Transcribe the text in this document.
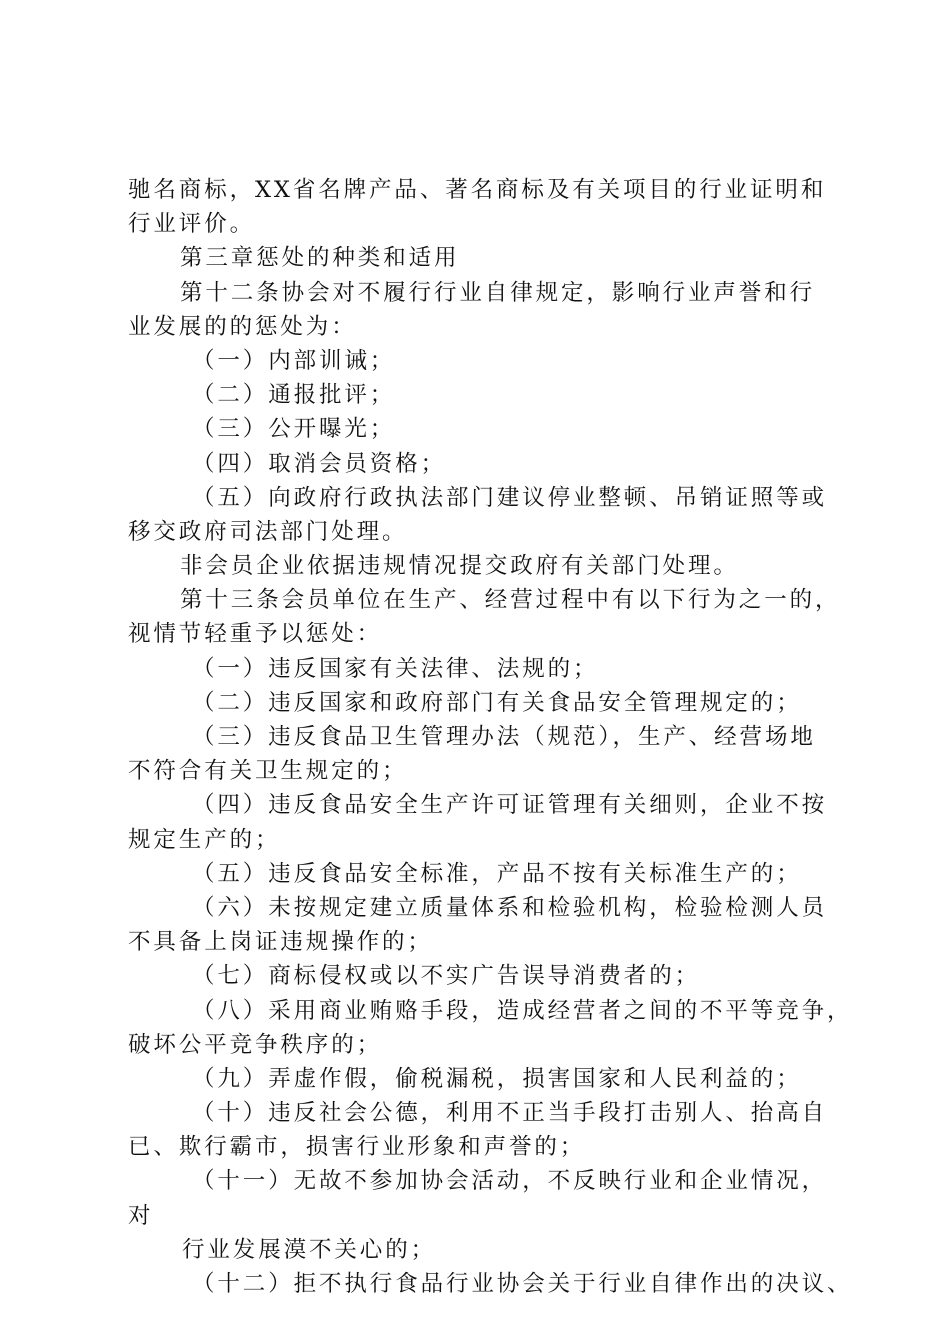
驰名商标，XX省名牌产品、著名商标及有关项目的行业证明和
行业评价。
第三章惩处的种类和适用
第十二条协会对不履行行业自律规定，影响行业声誉和行
业发展的的惩处为：
（一）内部训诫；
（二）通报批评；
（三）公开曝光；
（四）取消会员资格；
（五）向政府行政执法部门建议停业整顿、吊销证照等或
移交政府司法部门处理。
非会员企业依据违规情况提交政府有关部门处理。
第十三条会员单位在生产、经营过程中有以下行为之一的，
视情节轻重予以惩处：
（一）违反国家有关法律、法规的；
（二）违反国家和政府部门有关食品安全管理规定的；
（三）违反食品卫生管理办法（规范），生产、经营场地
不符合有关卫生规定的；
（四）违反食品安全生产许可证管理有关细则，企业不按
规定生产的；
（五）违反食品安全标准，产品不按有关标准生产的；
（六）未按规定建立质量体系和检验机构，检验检测人员
不具备上岗证违规操作的；
（七）商标侵权或以不实广告误导消费者的；
（八）采用商业贿赂手段，造成经营者之间的不平等竞争，
破坏公平竞争秩序的；
（九）弄虚作假，偷税漏税，损害国家和人民利益的；
（十）违反社会公德，利用不正当手段打击别人、抬高自
已、欺行霸市，损害行业形象和声誉的；
（十一）无故不参加协会活动，不反映行业和企业情况，
对
行业发展漠不关心的；
（十二）拒不执行食品行业协会关于行业自律作出的决议、
